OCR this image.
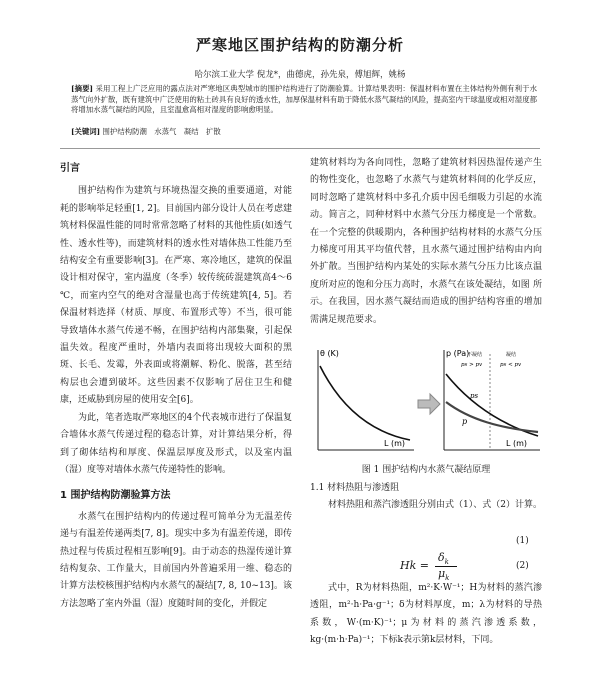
严寒地区围护结构的防潮分析
哈尔滨工业大学 倪龙*，曲德虎，孙先泉，傅旭辉，姚杨
[摘要] 采用工程上广泛应用的露点法对严寒地区典型城市的围护结构进行了防潮验算。计算结果表明：保温材料布置在主体结构外侧有利于水蒸气向外扩散，既有建筑中广泛使用的粘土砖具有良好的透水性，加厚保温材料有助于降低水蒸气凝结的风险，提高室内干球温度或相对湿度都将增加水蒸气凝结的风险，且室温愈高相对湿度的影响愈明显。
[关键词] 围护结构防潮　水蒸气　凝结　扩散
引言

围护结构作为建筑与环境热湿交换的重要通道，对能耗的影响举足轻重[1, 2]。目前国内部分设计人员在考虑建筑材料保温性能的同时常常忽略了材料的其他性质(如透气性、透水性等)，而建筑材料的透水性对墙体热工性能乃至结构安全有重要影响[3]。在严寒、寒冷地区，建筑的保温设计相对保守，室内温度（冬季）较传统砖混建筑高4～6 ℃，而室内空气的绝对含湿量也高于传统建筑[4, 5]。若保温材料选择（材质、厚度、布置形式等）不当，很可能导致墙体水蒸气传递不畅，在围护结构内部集聚，引起保温失效。程度严重时，外墙内表面将出现较大面积的黑斑、长毛、发霉，外表面或将潮解、粉化、脱落，甚至结构层也会遭到破坏。这些因素不仅影响了居住卫生和健康，还威胁到房屋的使用安全[6]。

为此，笔者选取严寒地区的4个代表城市进行了保温复合墙体水蒸气传递过程的稳态计算，对计算结果分析，得到了砌体结构和厚度、保温层厚度及形式，以及室内温（湿）度等对墙体水蒸气传递特性的影响。

1 围护结构防潮验算方法

水蒸气在围护结构内的传递过程可简单分为无温差传递与有温差传递两类[7, 8]。现实中多为有温差传递，即传热过程与传质过程相互影响[9]。由于动态的热湿传递计算结构复杂、工作量大，目前国内外普遍采用一维、稳态的计算方法校核围护结构内水蒸气的凝结[7, 8, 10~13]。该方法忽略了室内外温（湿）度随时间的变化，并假定

建筑材料均为各向同性，忽略了建筑材料因热湿传递产生的物性变化，也忽略了水蒸气与建筑材料间的化学反应，同时忽略了建筑材料中多孔介质中因毛细吸力引起的水流动。简言之，同种材料中水蒸气分压力梯度是一个常数。在一个完整的供暖期内，各种围护结构材料的水蒸气分压力梯度可用其平均值代替，且水蒸气通过围护结构由内向外扩散。当围护结构内某处的实际水蒸气分压力比该点温度所对应的饱和分压力高时，水蒸气在该处凝结，如图 所示。在我国，因水蒸气凝结而造成的围护结构容重的增加需满足规范要求。

θ (K)
L (m)
p (Pa)
L (m)
不凝结	凝结
ps > pv	ps < pv
ps
p
图 1 围护结构内水蒸气凝结原理
1.1 材料热阻与渗透阻

材料热阻和蒸汽渗透阻分别由式（1）、式（2）计算。

(1)
Hk =
$\delta_k$
$\mu_k$
(2)

式中，R为材料热阻，m²·K·W⁻¹；H为材料的蒸汽渗透阻，m²·h·Pa·g⁻¹；δ为材料厚度，m；λ为材料的导热系数，W·(m·K)⁻¹；μ为材料的蒸汽渗透系数，kg·(m·h·Pa)⁻¹；下标k表示第k层材料，下同。
